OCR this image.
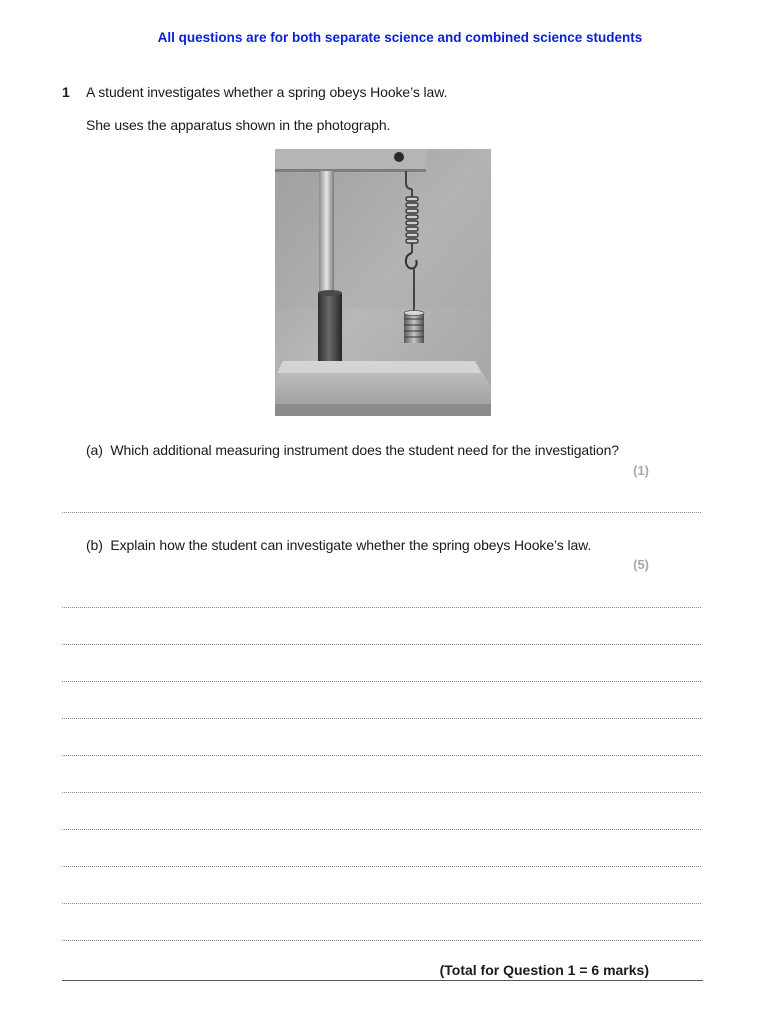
All questions are for both separate science and combined science students
1 A student investigates whether a spring obeys Hooke’s law.
She uses the apparatus shown in the photograph.
(a) Which additional measuring instrument does the student need for the investigation?
(1)
(b) Explain how the student can investigate whether the spring obeys Hooke’s law.
(5)
(Total for Question 1 = 6 marks)
